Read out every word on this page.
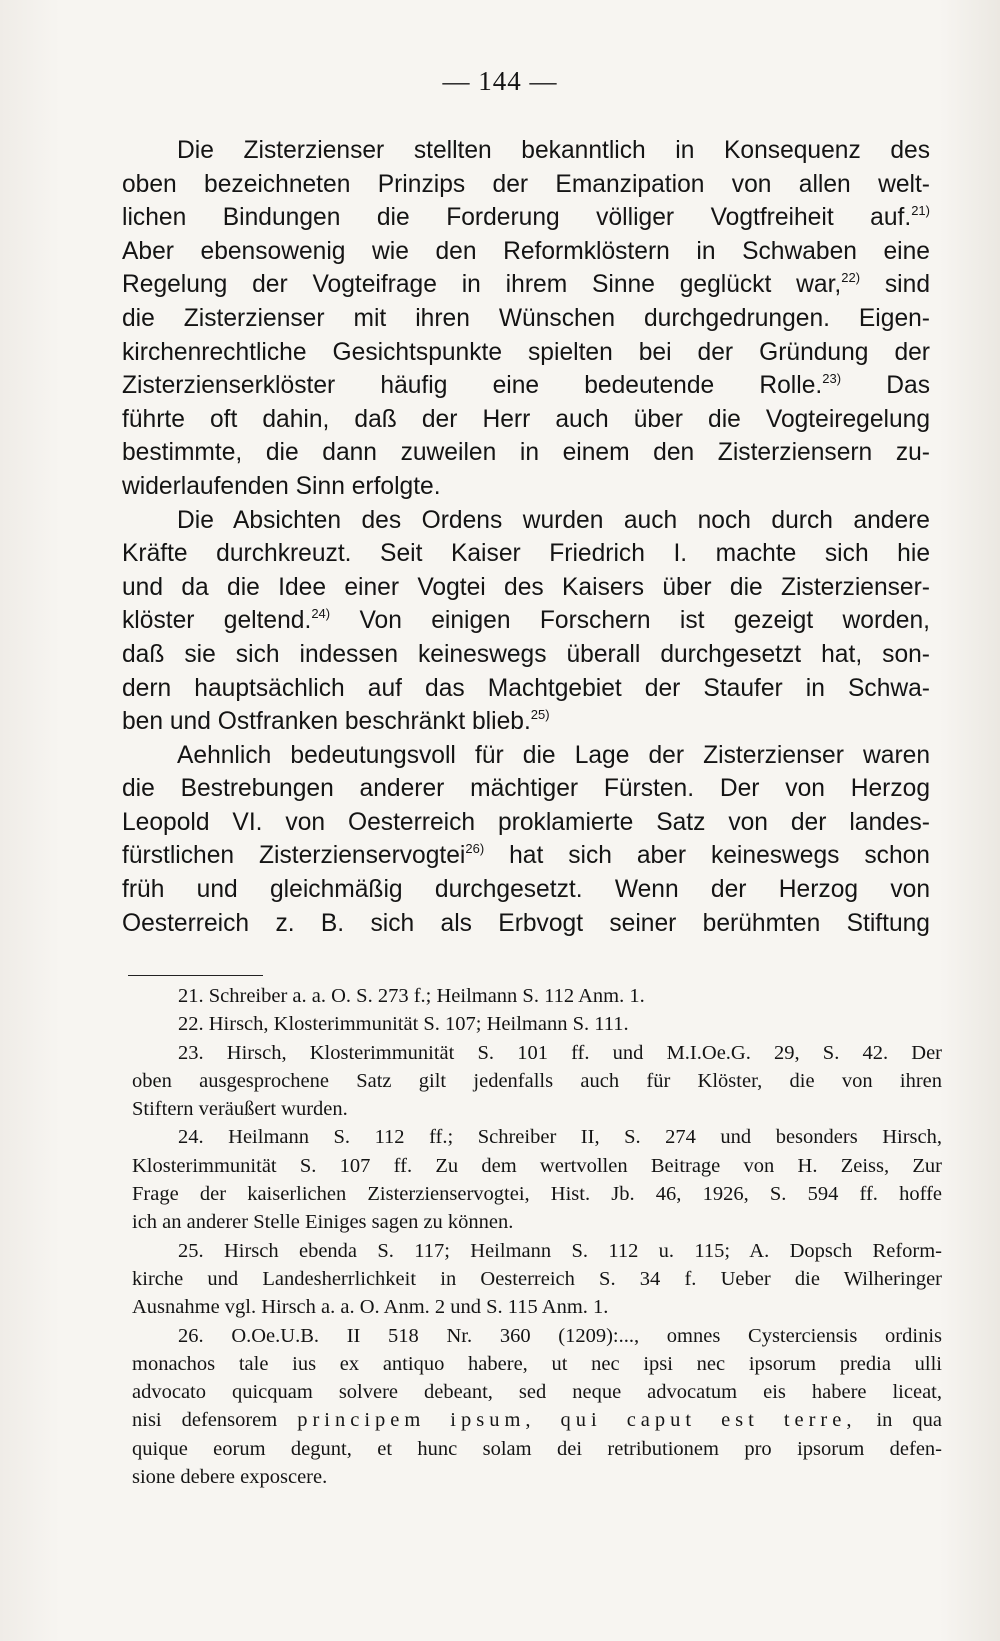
— 144 —

Die Zisterzienser stellten bekanntlich in Konsequenz des
oben bezeichneten Prinzips der Emanzipation von allen welt-
lichen Bindungen die Forderung völliger Vogtfreiheit auf.$^{21)}$
Aber ebensowenig wie den Reformklöstern in Schwaben eine
Regelung der Vogteifrage in ihrem Sinne geglückt war,$^{22)}$ sind
die Zisterzienser mit ihren Wünschen durchgedrungen. Eigen-
kirchenrechtliche Gesichtspunkte spielten bei der Gründung der
Zisterzienserklöster häufig eine bedeutende Rolle.$^{23)}$ Das
führte oft dahin, daß der Herr auch über die Vogteiregelung
bestimmte, die dann zuweilen in einem den Zisterziensern zu-
widerlaufenden Sinn erfolgte.

Die Absichten des Ordens wurden auch noch durch andere
Kräfte durchkreuzt. Seit Kaiser Friedrich I. machte sich hie
und da die Idee einer Vogtei des Kaisers über die Zisterzienser-
klöster geltend.$^{24)}$ Von einigen Forschern ist gezeigt worden,
daß sie sich indessen keineswegs überall durchgesetzt hat, son-
dern hauptsächlich auf das Machtgebiet der Staufer in Schwa-
ben und Ostfranken beschränkt blieb.$^{25)}$

Aehnlich bedeutungsvoll für die Lage der Zisterzienser waren
die Bestrebungen anderer mächtiger Fürsten. Der von Herzog
Leopold VI. von Oesterreich proklamierte Satz von der landes-
fürstlichen Zisterzienservogtei$^{26)}$ hat sich aber keineswegs schon
früh und gleichmäßig durchgesetzt. Wenn der Herzog von
Oesterreich z. B. sich als Erbvogt seiner berühmten Stiftung

21. Schreiber a. a. O. S. 273 f.; Heilmann S. 112 Anm. 1.
22. Hirsch, Klosterimmunität S. 107; Heilmann S. 111.
23. Hirsch, Klosterimmunität S. 101 ff. und M.I.Oe.G. 29, S. 42. Der
oben ausgesprochene Satz gilt jedenfalls auch für Klöster, die von ihren
Stiftern veräußert wurden.
24. Heilmann S. 112 ff.; Schreiber II, S. 274 und besonders Hirsch,
Klosterimmunität S. 107 ff. Zu dem wertvollen Beitrage von H. Zeiss, Zur
Frage der kaiserlichen Zisterzienservogtei, Hist. Jb. 46, 1926, S. 594 ff. hoffe
ich an anderer Stelle Einiges sagen zu können.
25. Hirsch ebenda S. 117; Heilmann S. 112 u. 115; A. Dopsch Reform-
kirche und Landesherrlichkeit in Oesterreich S. 34 f. Ueber die Wilheringer
Ausnahme vgl. Hirsch a. a. O. Anm. 2 und S. 115 Anm. 1.
26. O.Oe.U.B. II 518 Nr. 360 (1209):..., omnes Cysterciensis ordinis
monachos tale ius ex antiquo habere, ut nec ipsi nec ipsorum predia ulli
advocato quicquam solvere debeant, sed neque advocatum eis habere liceat,
nisi defensorem principem ipsum, qui caput est terre, in qua
quique eorum degunt, et hunc solam dei retributionem pro ipsorum defen-
sione debere exposcere.
